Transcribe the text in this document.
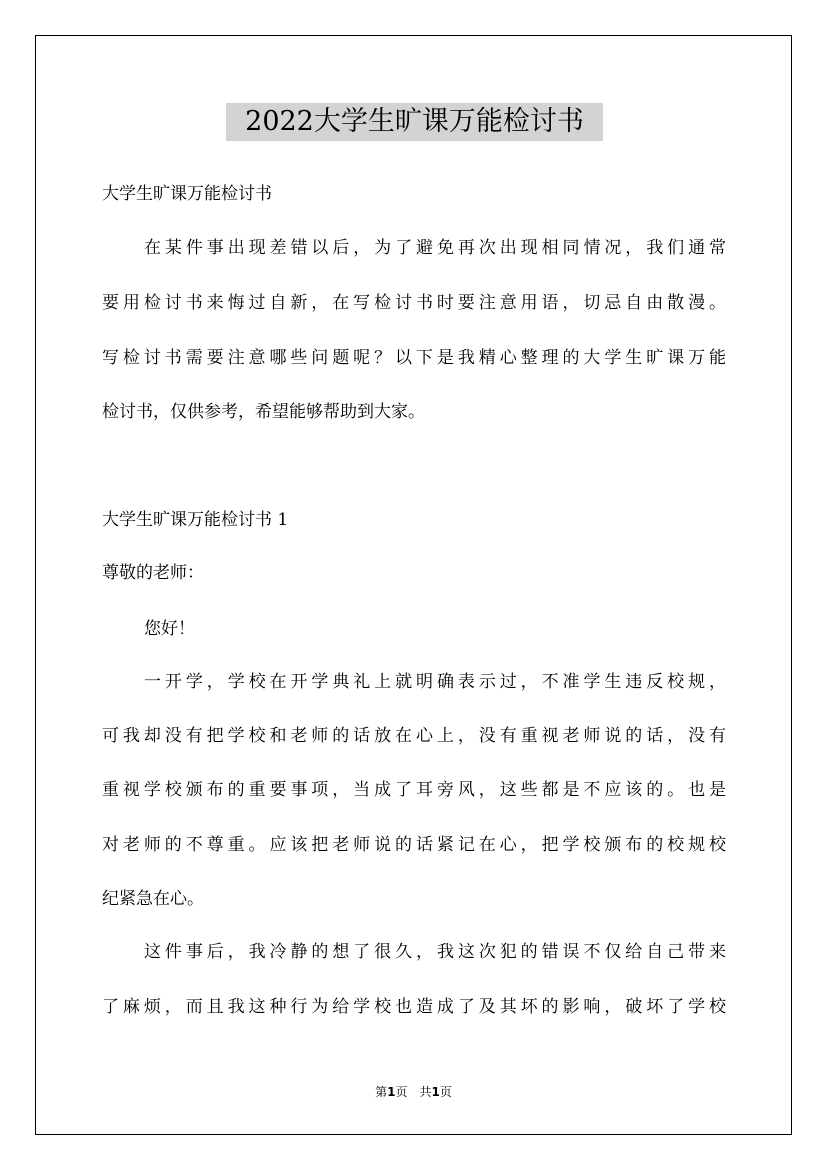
2022大学生旷课万能检讨书
大学生旷课万能检讨书
在某件事出现差错以后，为了避免再次出现相同情况，我们通常
要用检讨书来悔过自新，在写检讨书时要注意用语，切忌自由散漫。
写检讨书需要注意哪些问题呢？以下是我精心整理的大学生旷课万能
检讨书，仅供参考，希望能够帮助到大家。
大学生旷课万能检讨书 1
尊敬的老师：
您好！
一开学，学校在开学典礼上就明确表示过，不准学生违反校规，
可我却没有把学校和老师的话放在心上，没有重视老师说的话，没有
重视学校颁布的重要事项，当成了耳旁风，这些都是不应该的。也是
对老师的不尊重。应该把老师说的话紧记在心，把学校颁布的校规校
纪紧急在心。
这件事后，我冷静的想了很久，我这次犯的错误不仅给自己带来
了麻烦，而且我这种行为给学校也造成了及其坏的影响，破坏了学校
第1页　共1页
